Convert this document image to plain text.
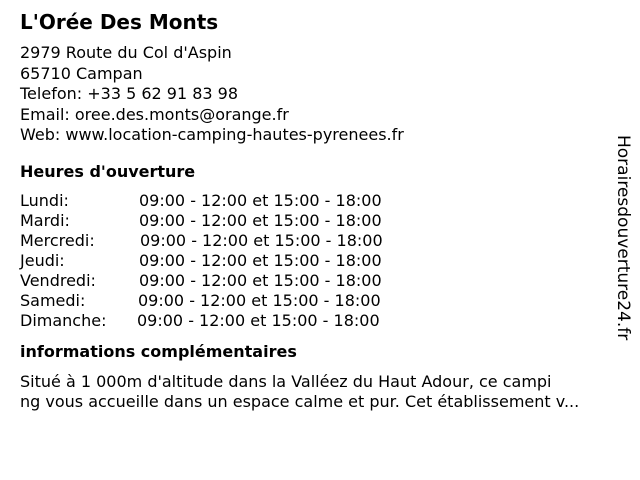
L'Orée Des Monts
2979 Route du Col d'Aspin
65710 Campan
Telefon: +33 5 62 91 83 98
Email: oree.des.monts@orange.fr
Web: www.location-camping-hautes-pyrenees.fr
Heures d'ouverture
Lundi:	09:00 - 12:00 et 15:00 - 18:00
Mardi:	09:00 - 12:00 et 15:00 - 18:00
Mercredi:	09:00 - 12:00 et 15:00 - 18:00
Jeudi:	09:00 - 12:00 et 15:00 - 18:00
Vendredi:	09:00 - 12:00 et 15:00 - 18:00
Samedi:	09:00 - 12:00 et 15:00 - 18:00
Dimanche: 09:00 - 12:00 et 15:00 - 18:00
informations complémentaires
Situé à 1 000m d'altitude dans la Valléez du Haut Adour, ce campi
ng vous accueille dans un espace calme et pur. Cet établissement v...
Horairesdouverture24.fr
